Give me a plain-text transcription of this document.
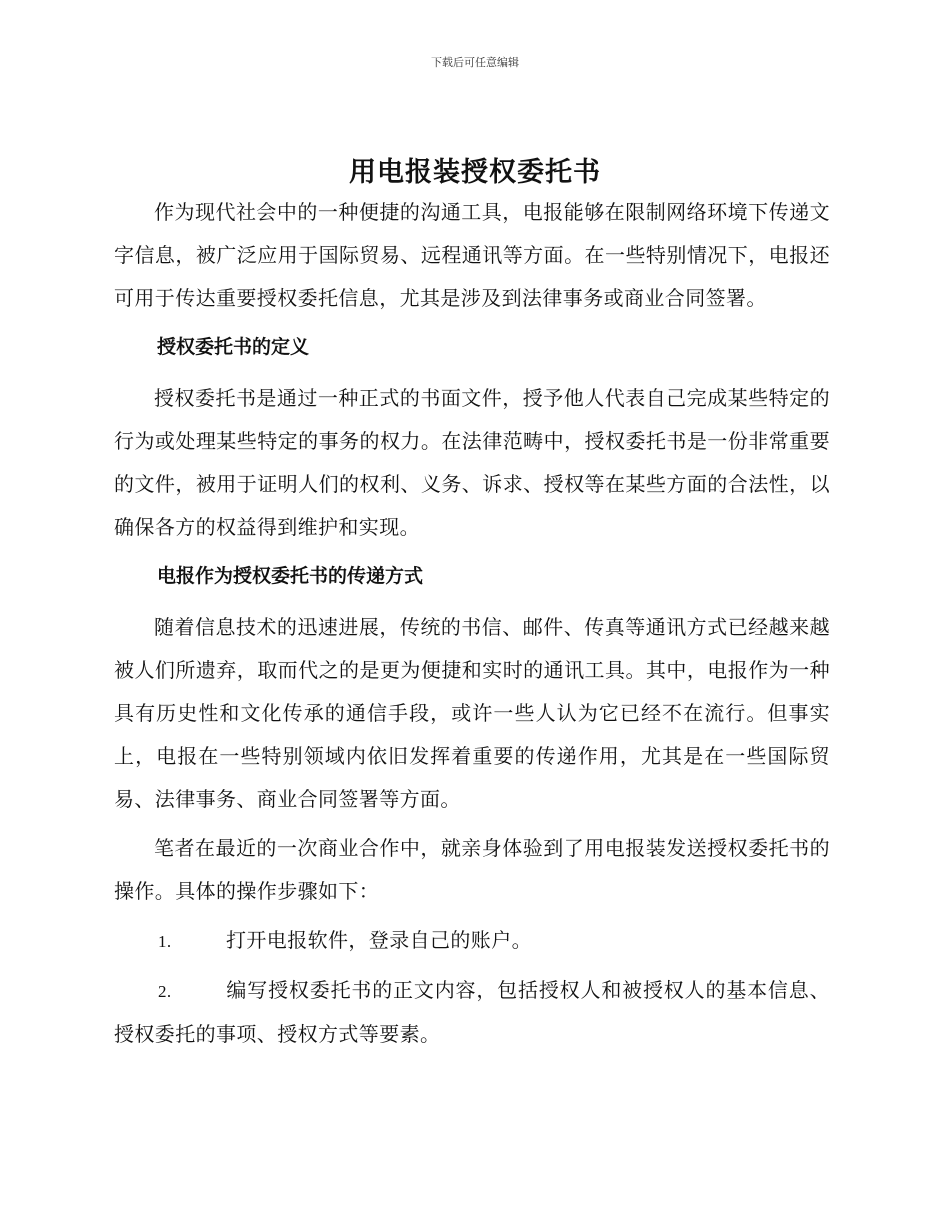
下载后可任意编辑
用电报装授权委托书

作为现代社会中的一种便捷的沟通工具，电报能够在限制网络环境下传递文字信息，被广泛应用于国际贸易、远程通讯等方面。在一些特别情况下，电报还可用于传达重要授权委托信息，尤其是涉及到法律事务或商业合同签署。

授权委托书的定义

授权委托书是通过一种正式的书面文件，授予他人代表自己完成某些特定的行为或处理某些特定的事务的权力。在法律范畴中，授权委托书是一份非常重要的文件，被用于证明人们的权利、义务、诉求、授权等在某些方面的合法性，以确保各方的权益得到维护和实现。

电报作为授权委托书的传递方式

随着信息技术的迅速进展，传统的书信、邮件、传真等通讯方式已经越来越被人们所遗弃，取而代之的是更为便捷和实时的通讯工具。其中，电报作为一种具有历史性和文化传承的通信手段，或许一些人认为它已经不在流行。但事实上，电报在一些特别领域内依旧发挥着重要的传递作用，尤其是在一些国际贸易、法律事务、商业合同签署等方面。

笔者在最近的一次商业合作中，就亲身体验到了用电报装发送授权委托书的操作。具体的操作步骤如下：

1.	打开电报软件，登录自己的账户。
2.	编写授权委托书的正文内容，包括授权人和被授权人的基本信息、授权委托的事项、授权方式等要素。
